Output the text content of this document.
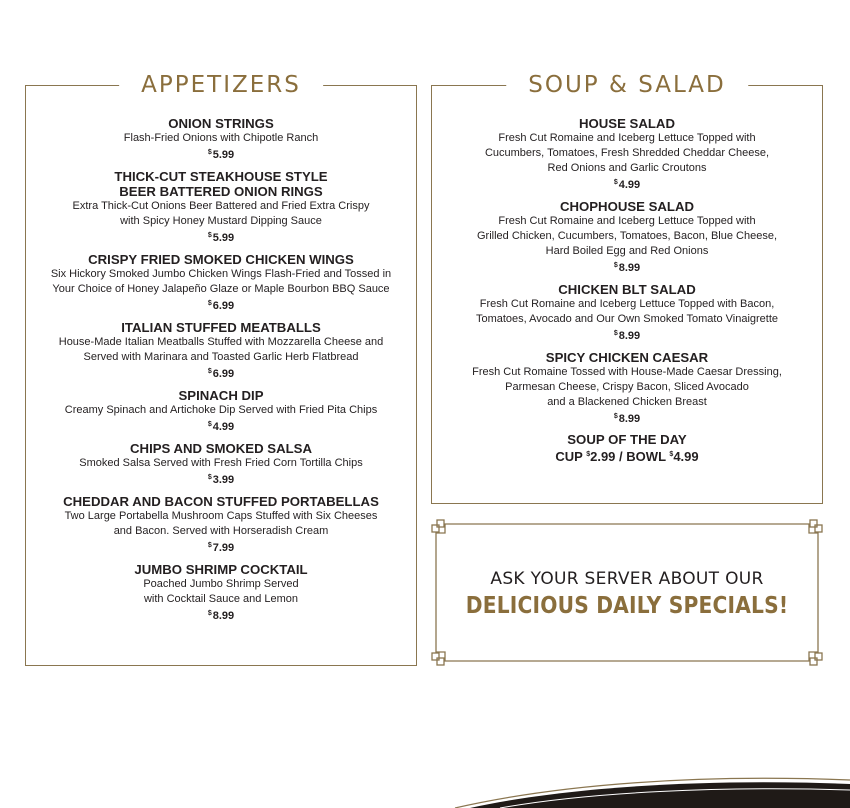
APPETIZERS
ONION STRINGS
Flash-Fried Onions with Chipotle Ranch
$5.99
THICK-CUT STEAKHOUSE STYLE
BEER BATTERED ONION RINGS
Extra Thick-Cut Onions Beer Battered and Fried Extra Crispy
with Spicy Honey Mustard Dipping Sauce
$5.99
CRISPY FRIED SMOKED CHICKEN WINGS
Six Hickory Smoked Jumbo Chicken Wings Flash-Fried and Tossed in
Your Choice of Honey Jalapeño Glaze or Maple Bourbon BBQ Sauce
$6.99
ITALIAN STUFFED MEATBALLS
House-Made Italian Meatballs Stuffed with Mozzarella Cheese and
Served with Marinara and Toasted Garlic Herb Flatbread
$6.99
SPINACH DIP
Creamy Spinach and Artichoke Dip Served with Fried Pita Chips
$4.99
CHIPS AND SMOKED SALSA
Smoked Salsa Served with Fresh Fried Corn Tortilla Chips
$3.99
CHEDDAR AND BACON STUFFED PORTABELLAS
Two Large Portabella Mushroom Caps Stuffed with Six Cheeses
and Bacon. Served with Horseradish Cream
$7.99
JUMBO SHRIMP COCKTAIL
Poached Jumbo Shrimp Served
with Cocktail Sauce and Lemon
$8.99
SOUP & SALAD
HOUSE SALAD
Fresh Cut Romaine and Iceberg Lettuce Topped with
Cucumbers, Tomatoes, Fresh Shredded Cheddar Cheese,
Red Onions and Garlic Croutons
$4.99
CHOPHOUSE SALAD
Fresh Cut Romaine and Iceberg Lettuce Topped with
Grilled Chicken, Cucumbers, Tomatoes, Bacon, Blue Cheese,
Hard Boiled Egg and Red Onions
$8.99
CHICKEN BLT SALAD
Fresh Cut Romaine and Iceberg Lettuce Topped with Bacon,
Tomatoes, Avocado and Our Own Smoked Tomato Vinaigrette
$8.99
SPICY CHICKEN CAESAR
Fresh Cut Romaine Tossed with House-Made Caesar Dressing,
Parmesan Cheese, Crispy Bacon, Sliced Avocado
and a Blackened Chicken Breast
$8.99
SOUP OF THE DAY
CUP $2.99 / BOWL $4.99
ASK YOUR SERVER ABOUT OUR
DELICIOUS DAILY SPECIALS!
